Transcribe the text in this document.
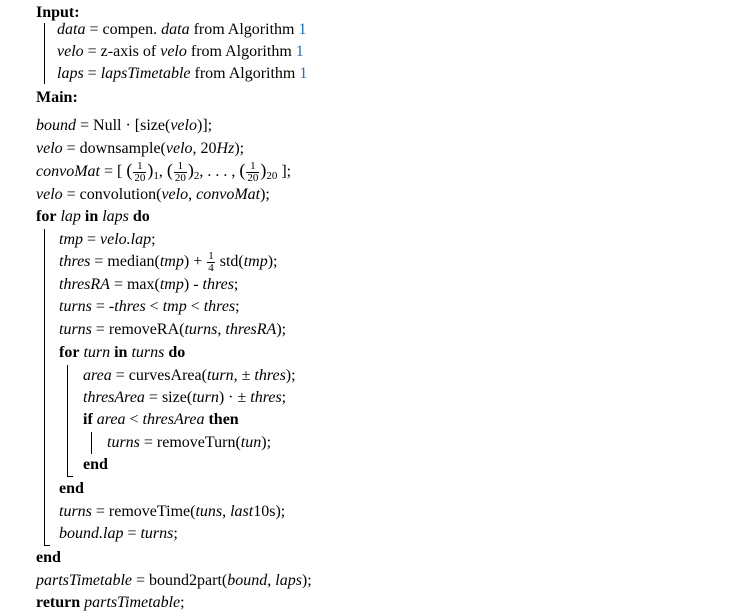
Input:
data = compen. data from Algorithm 1
velo = z-axis of velo from Algorithm 1
laps = lapsTimetable from Algorithm 1
Main:
bound = Null · [size(velo)];
velo = downsample(velo, 20Hz);
convoMat = [ ( $\frac{1}{20} )_1$, ( $\frac{1}{20} )_2$, . . . , ( $\frac{1}{20} )_{20}$ ];
velo = convolution(velo, convoMat);
for lap in laps do
tmp = velo.lap;
thres = median(tmp) + $\frac{1}{4} std(tmp)$;
thresRA = max(tmp) - thres;
turns = -thres < tmp < thres;
turns = removeRA(turns, thresRA);
for turn in turns do
area = curvesArea(turn, ± thres);
thresArea = size(turn) · ± thres;
if area < thresArea then
turns = removeTurn(tun);
end
end
turns = removeTime(tuns, last10s);
bound.lap = turns;
end
partsTimetable = bound2part(bound, laps);
return partsTimetable;
